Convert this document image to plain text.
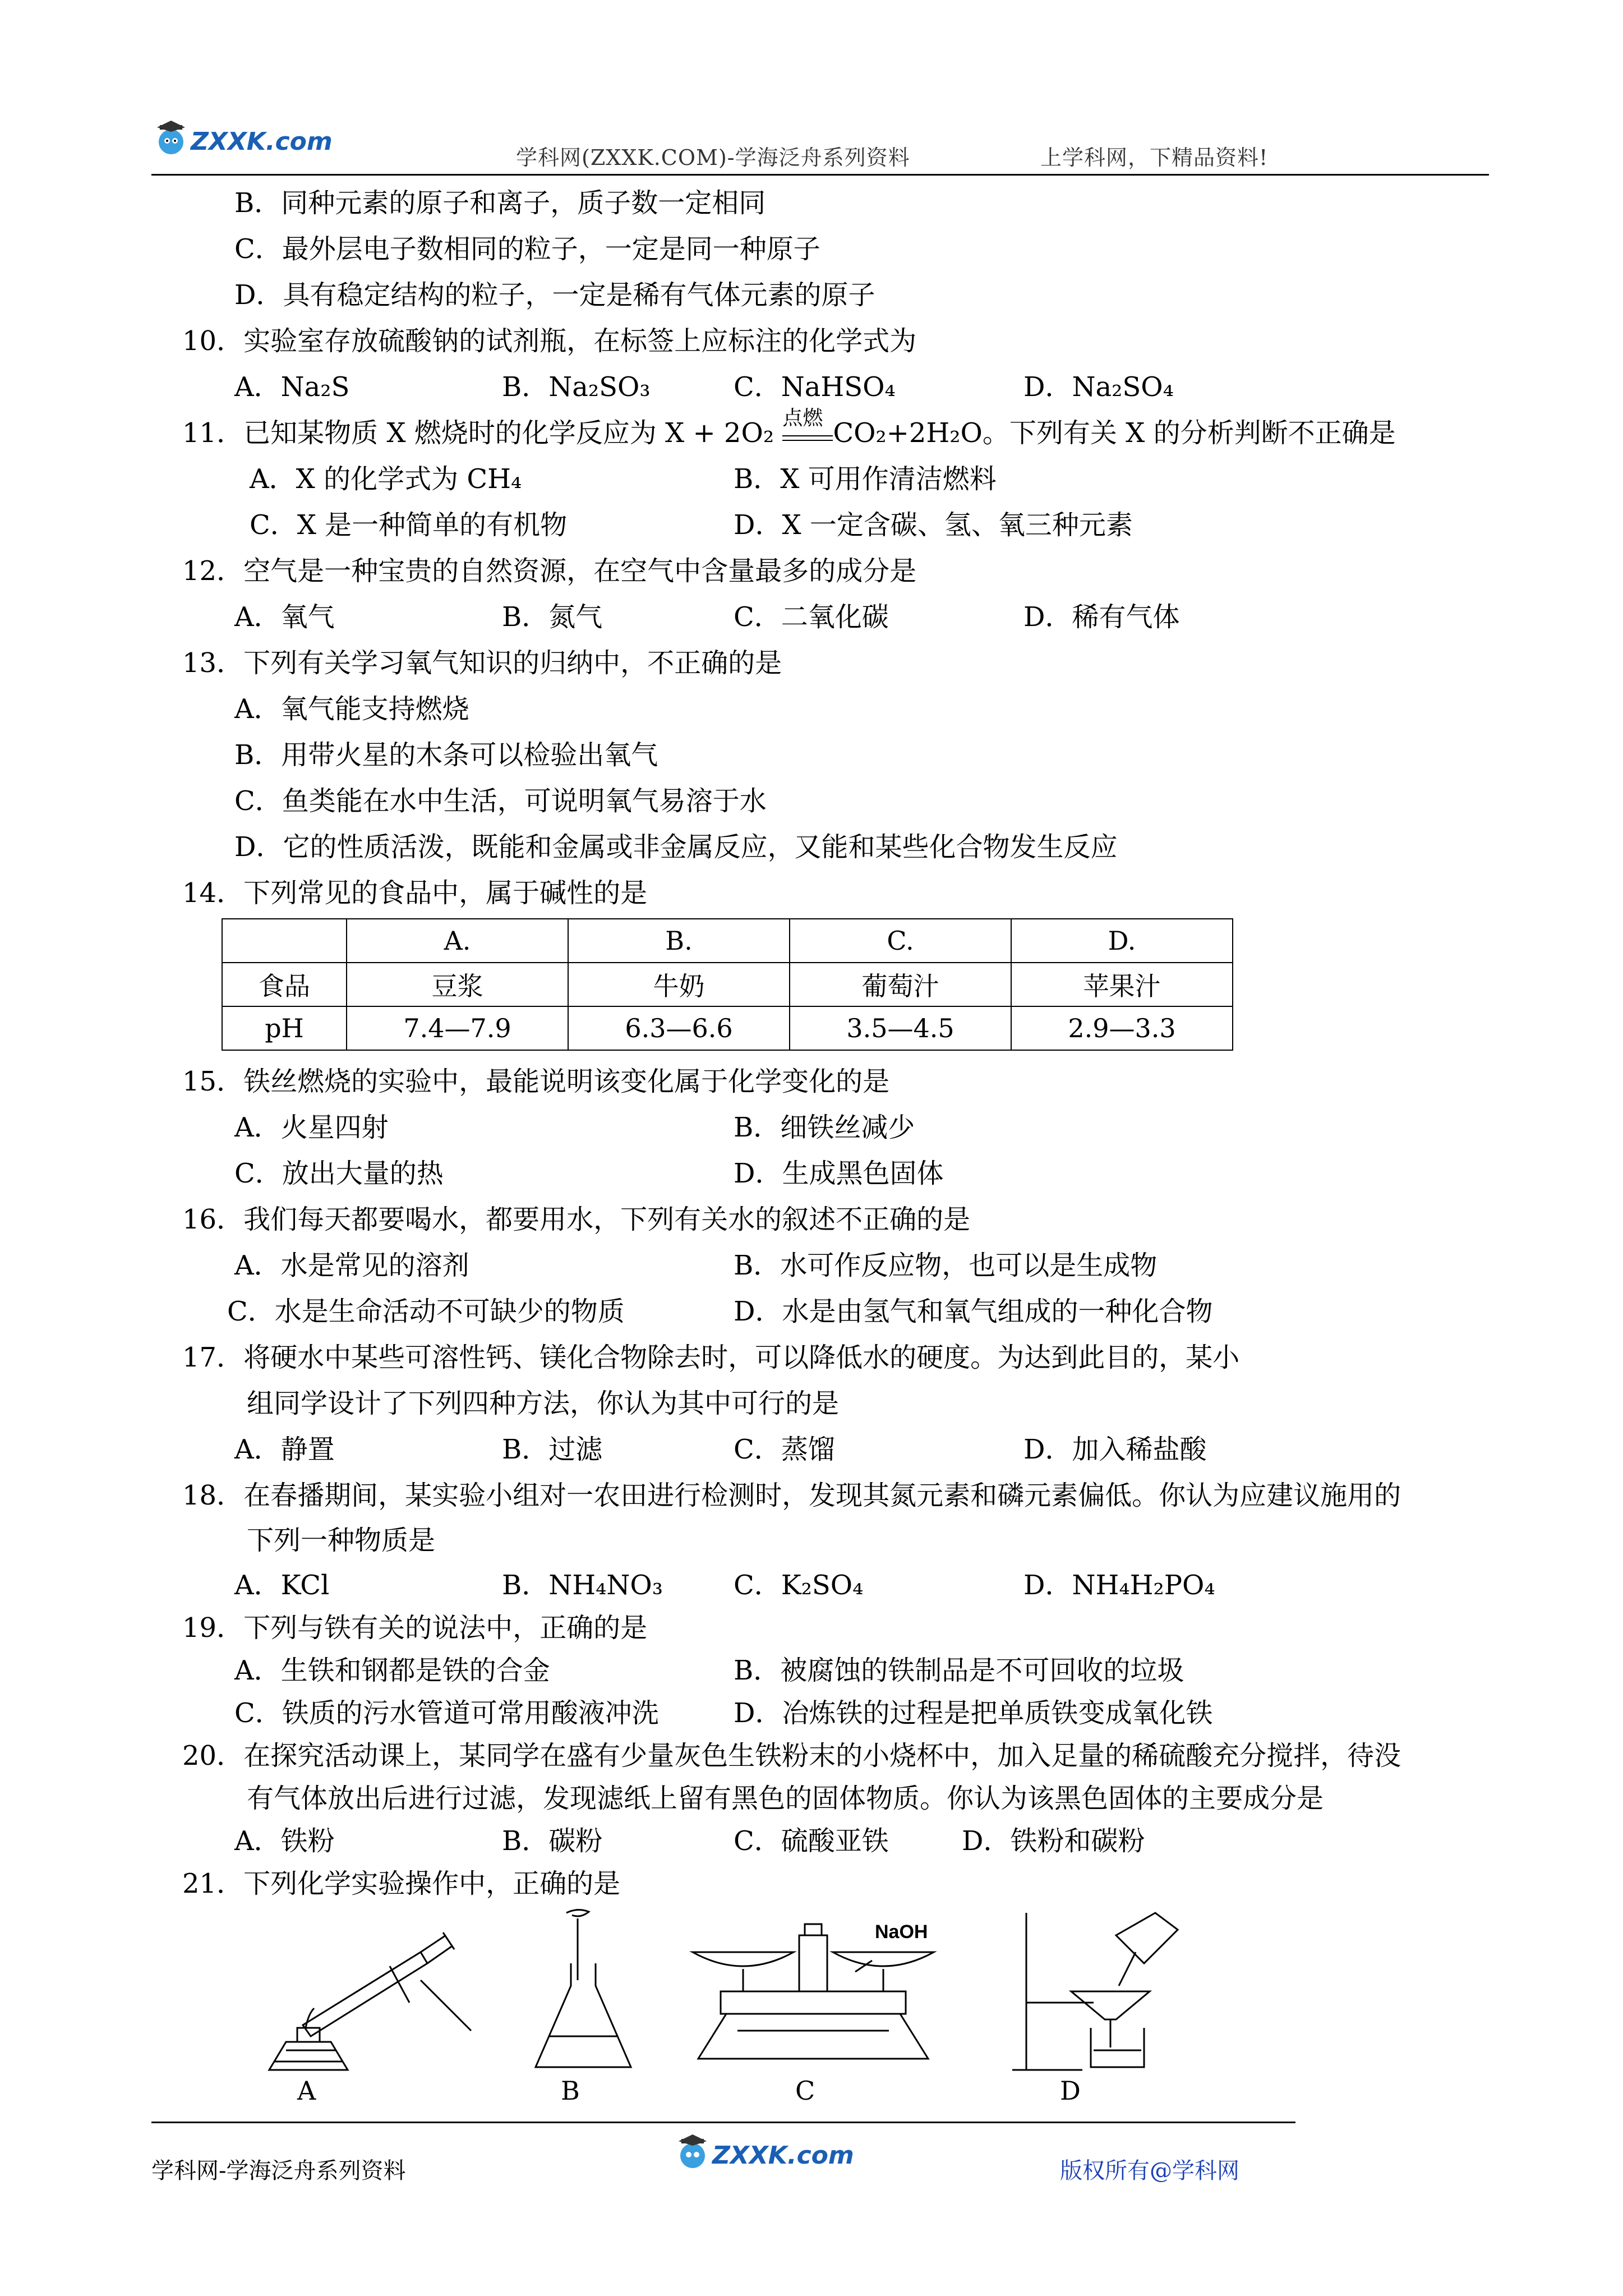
ZXXK.com
学科网(ZXXK.COM)-学海泛舟系列资料	上学科网，下精品资料!
B．同种元素的原子和离子，质子数一定相同
C．最外层电子数相同的粒子，一定是同一种原子
D．具有稳定结构的粒子，一定是稀有气体元素的原子
10．实验室存放硫酸钠的试剂瓶，在标签上应标注的化学式为
A．Na₂S	B．Na₂SO₃	C．NaHSO₄	D．Na₂SO₄
11．已知某物质 X 燃烧时的化学反应为 X + 2O₂ 点燃 CO₂+2H₂O。下列有关 X 的分析判断不正确是
A．X 的化学式为 CH₄	B．X 可用作清洁燃料
C．X 是一种简单的有机物	D．X 一定含碳、氢、氧三种元素
12．空气是一种宝贵的自然资源，在空气中含量最多的成分是
A．氧气	B．氮气	C．二氧化碳	D．稀有气体
13．下列有关学习氧气知识的归纳中，不正确的是
A．氧气能支持燃烧
B．用带火星的木条可以检验出氧气
C．鱼类能在水中生活，可说明氧气易溶于水
D．它的性质活泼，既能和金属或非金属反应，又能和某些化合物发生反应
14．下列常见的食品中，属于碱性的是
	A.	B.	C.	D.
食品	豆浆	牛奶	葡萄汁	苹果汁
pH	7.4—7.9	6.3—6.6	3.5—4.5	2.9—3.3
15．铁丝燃烧的实验中，最能说明该变化属于化学变化的是
A．火星四射	B．细铁丝减少
C．放出大量的热	D．生成黑色固体
16．我们每天都要喝水，都要用水，下列有关水的叙述不正确的是
A．水是常见的溶剂	B．水可作反应物，也可以是生成物
C．水是生命活动不可缺少的物质	D．水是由氢气和氧气组成的一种化合物
17．将硬水中某些可溶性钙、镁化合物除去时，可以降低水的硬度。为达到此目的，某小
组同学设计了下列四种方法，你认为其中可行的是
A．静置	B．过滤	C．蒸馏	D．加入稀盐酸
18．在春播期间，某实验小组对一农田进行检测时，发现其氮元素和磷元素偏低。你认为应建议施用的
下列一种物质是
A．KCl	B．NH₄NO₃	C．K₂SO₄	D．NH₄H₂PO₄
19．下列与铁有关的说法中，正确的是
A．生铁和钢都是铁的合金	B．被腐蚀的铁制品是不可回收的垃圾
C．铁质的污水管道可常用酸液冲洗	D．冶炼铁的过程是把单质铁变成氧化铁
20．在探究活动课上，某同学在盛有少量灰色生铁粉末的小烧杯中，加入足量的稀硫酸充分搅拌，待没
有气体放出后进行过滤，发现滤纸上留有黑色的固体物质。你认为该黑色固体的主要成分是
A．铁粉	B．碳粉	C．硫酸亚铁	D．铁粉和碳粉
21．下列化学实验操作中，正确的是
A	B
NaOH
C	D
学科网-学海泛舟系列资料
ZXXK.com
版权所有@学科网
